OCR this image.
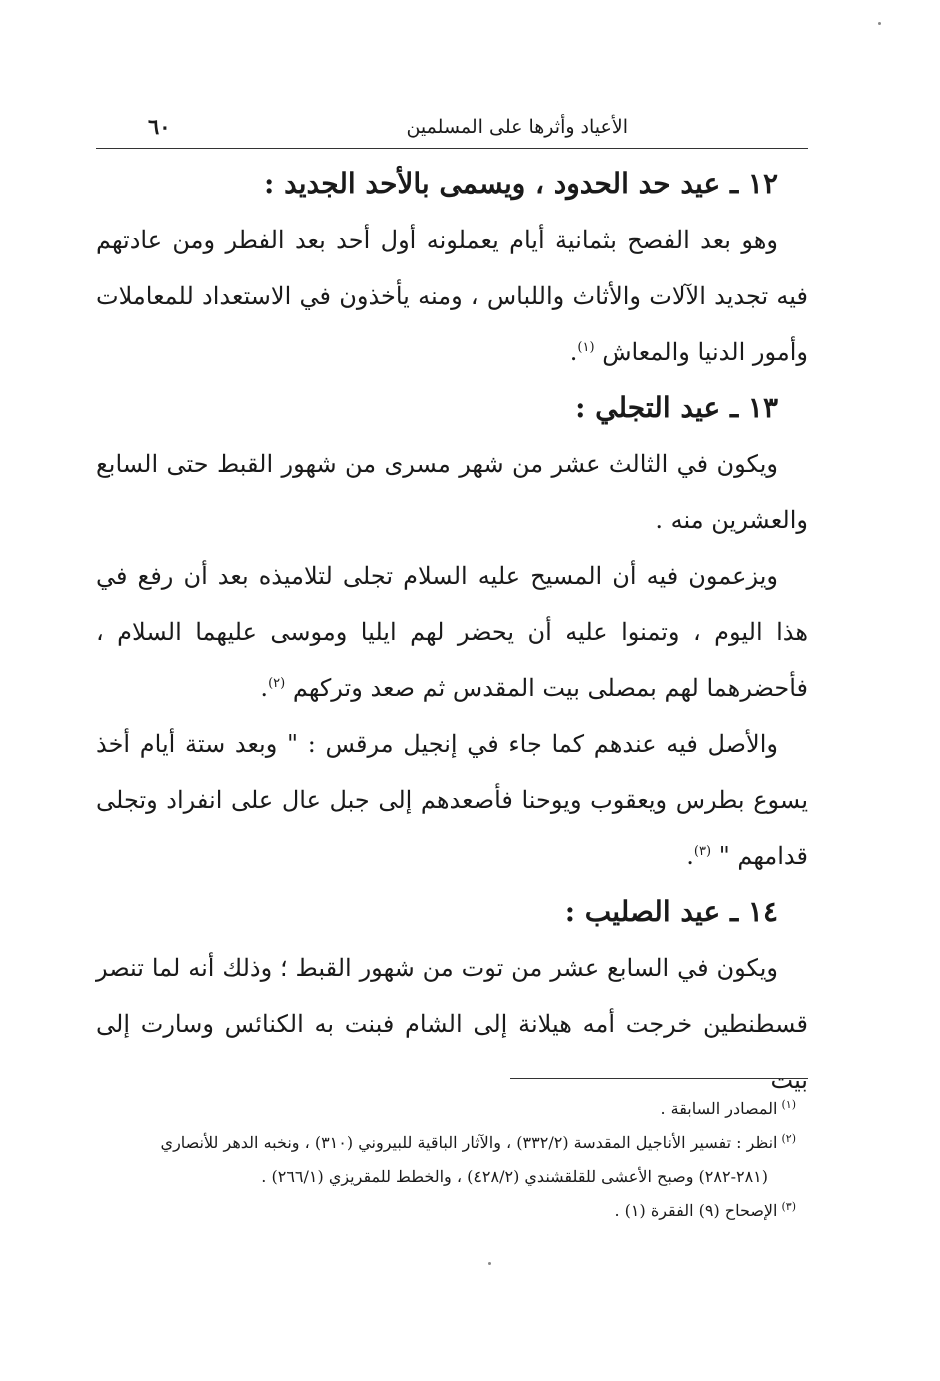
الأعياد وأثرها على المسلمين
٦٠

١٢ ـ عيد حد الحدود ، ويسمى بالأحد الجديد :

وهو بعد الفصح بثمانية أيام يعملونه أول أحد بعد الفطر ومن عادتهم فيه تجديد الآلات والأثاث واللباس ، ومنه يأخذون في الاستعداد للمعاملات وأمور الدنيا والمعاش $^{(١)}$.

١٣ ـ عيد التجلي :

ويكون في الثالث عشر من شهر مسرى من شهور القبط حتى السابع والعشرين منه .

ويزعمون فيه أن المسيح عليه السلام تجلى لتلاميذه بعد أن رفع في هذا اليوم ، وتمنوا عليه أن يحضر لهم ايليا وموسى عليهما السلام ، فأحضرهما لهم بمصلى بيت المقدس ثم صعد وتركهم $^{(٢)}$.

والأصل فيه عندهم كما جاء في إنجيل مرقس : " وبعد ستة أيام أخذ يسوع بطرس ويعقوب ويوحنا فأصعدهم إلى جبل عال على انفراد وتجلى قدامهم " $^{(٣)}$.

١٤ ـ عيد الصليب :

ويكون في السابع عشر من توت من شهور القبط ؛ وذلك أنه لما تنصر قسطنطين خرجت أمه هيلانة إلى الشام فبنت به الكنائس وسارت إلى بيت

$^{(١)}$المصادر السابقة .

$^{(٢)}$انظر : تفسير الأناجيل المقدسة (٣٣٢/٢) ، والآثار الباقية للبيروني (٣١٠) ، ونخبه الدهر للأنصاري

(٢٨١-٢٨٢) وصبح الأعشى للقلقشندي (٤٢٨/٢) ، والخطط للمقريزي (٢٦٦/١) .

$^{(٣)}$الإصحاح (٩) الفقرة (١) .
